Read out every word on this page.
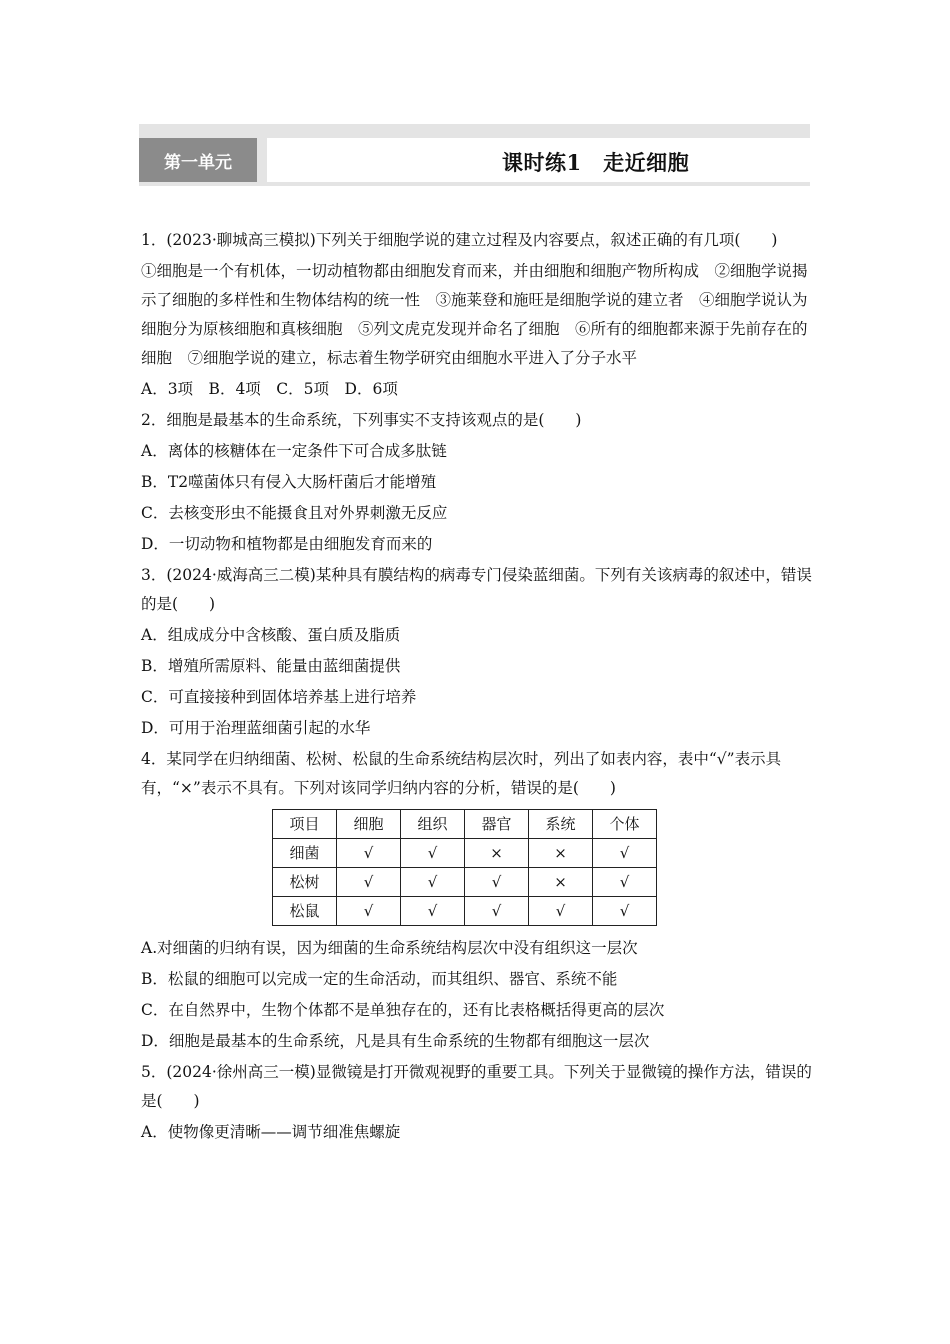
第一单元	课时练1　走近细胞

1．(2023·聊城高三模拟)下列关于细胞学说的建立过程及内容要点，叙述正确的有几项(　　)

①细胞是一个有机体，一切动植物都由细胞发育而来，并由细胞和细胞产物所构成　②细胞学说揭示了细胞的多样性和生物体结构的统一性　③施莱登和施旺是细胞学说的建立者　④细胞学说认为细胞分为原核细胞和真核细胞　⑤列文虎克发现并命名了细胞　⑥所有的细胞都来源于先前存在的细胞　⑦细胞学说的建立，标志着生物学研究由细胞水平进入了分子水平

A．3项　B．4项　C．5项　D．6项

2．细胞是最基本的生命系统，下列事实不支持该观点的是(　　)

A．离体的核糖体在一定条件下可合成多肽链

B．T2噬菌体只有侵入大肠杆菌后才能增殖

C．去核变形虫不能摄食且对外界刺激无反应

D．一切动物和植物都是由细胞发育而来的

3．(2024·威海高三二模)某种具有膜结构的病毒专门侵染蓝细菌。下列有关该病毒的叙述中，错误的是(　　)

A．组成成分中含核酸、蛋白质及脂质

B．增殖所需原料、能量由蓝细菌提供

C．可直接接种到固体培养基上进行培养

D．可用于治理蓝细菌引起的水华

4．某同学在归纳细菌、松树、松鼠的生命系统结构层次时，列出了如表内容，表中“√”表示具有，“×”表示不具有。下列对该同学归纳内容的分析，错误的是(　　)

项目	细胞	组织	器官	系统	个体
细菌	√	√	×	×	√
松树	√	√	√	×	√
松鼠	√	√	√	√	√

A.对细菌的归纳有误，因为细菌的生命系统结构层次中没有组织这一层次

B．松鼠的细胞可以完成一定的生命活动，而其组织、器官、系统不能

C．在自然界中，生物个体都不是单独存在的，还有比表格概括得更高的层次

D．细胞是最基本的生命系统，凡是具有生命系统的生物都有细胞这一层次

5．(2024·徐州高三一模)显微镜是打开微观视野的重要工具。下列关于显微镜的操作方法，错误的是(　　)

A．使物像更清晰——调节细准焦螺旋
